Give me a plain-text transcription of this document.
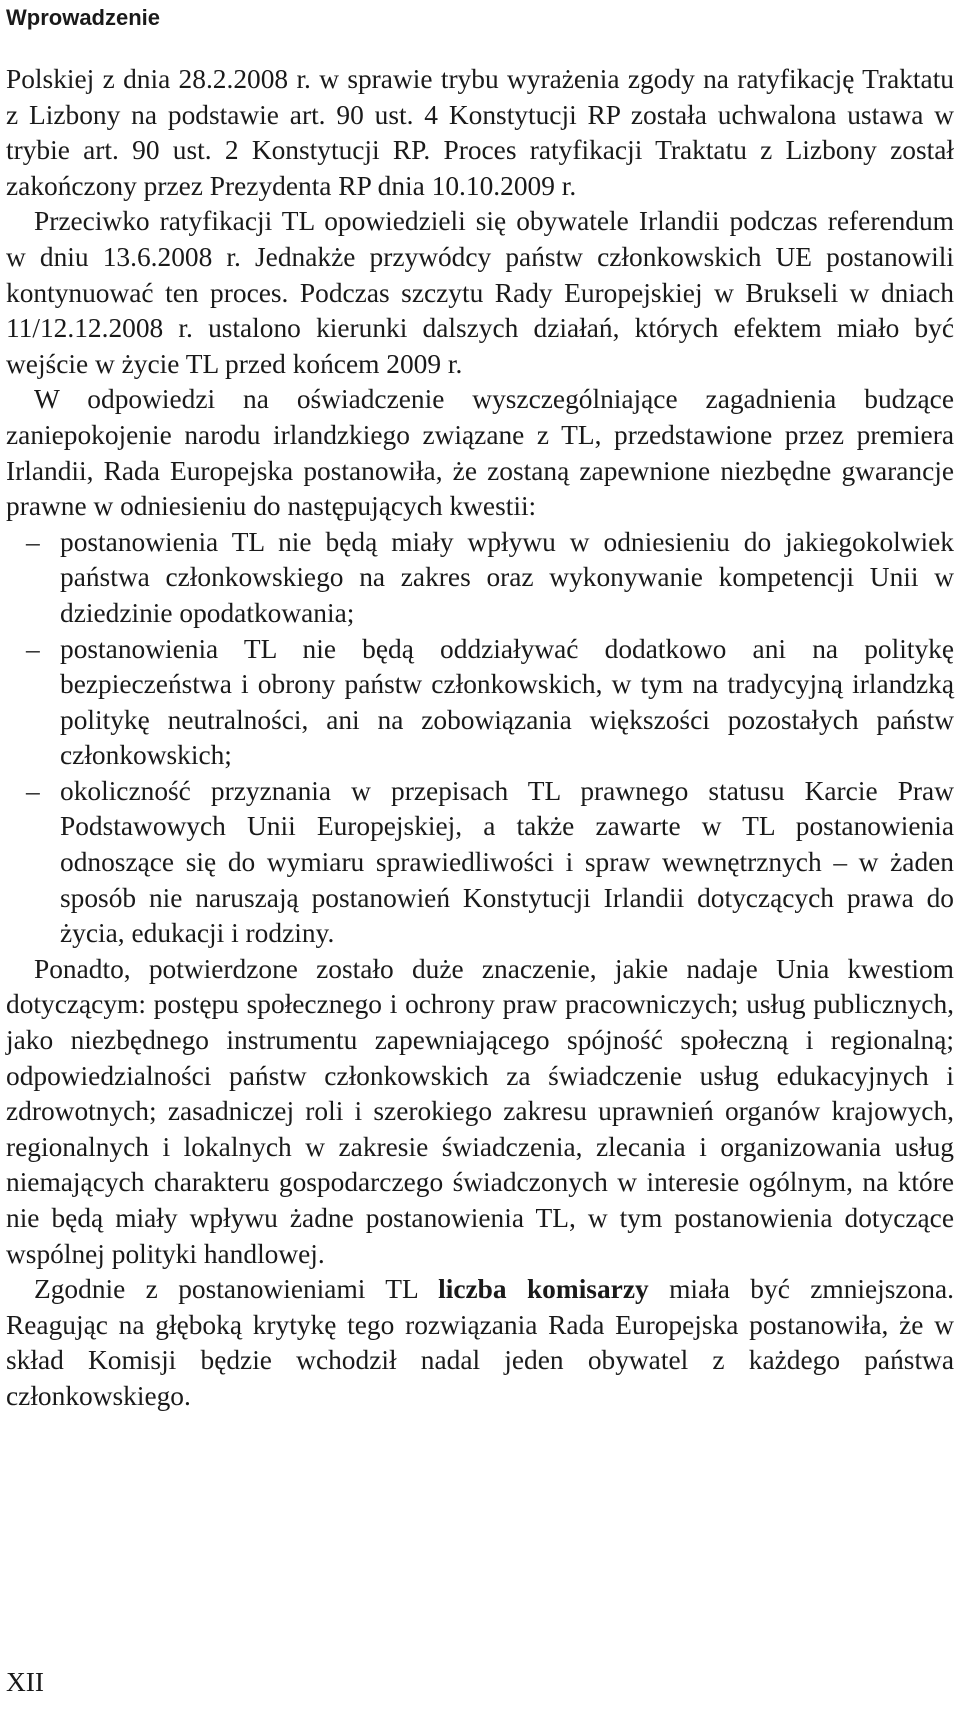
Wprowadzenie

Polskiej z dnia 28.2.2008 r. w sprawie trybu wyrażenia zgody na ratyfikację Traktatu z Lizbony na podstawie art. 90 ust. 4 Konstytucji RP została uchwalona ustawa w trybie art. 90 ust. 2 Konstytucji RP. Proces ratyfikacji Traktatu z Lizbony został zakończony przez Prezydenta RP dnia 10.10.2009 r.

Przeciwko ratyfikacji TL opowiedzieli się obywatele Irlandii podczas referendum w dniu 13.6.2008 r. Jednakże przywódcy państw członkowskich UE postanowili kontynuować ten proces. Podczas szczytu Rady Europejskiej w Brukseli w dniach 11/12.12.2008 r. ustalono kierunki dalszych działań, których efektem miało być wejście w życie TL przed końcem 2009 r.

W odpowiedzi na oświadczenie wyszczególniające zagadnienia budzące zaniepokojenie narodu irlandzkiego związane z TL, przedstawione przez premiera Irlandii, Rada Europejska postanowiła, że zostaną zapewnione niezbędne gwarancje prawne w odniesieniu do następujących kwestii:

– postanowienia TL nie będą miały wpływu w odniesieniu do jakiegokolwiek państwa członkowskiego na zakres oraz wykonywanie kompetencji Unii w dziedzinie opodatkowania;
– postanowienia TL nie będą oddziaływać dodatkowo ani na politykę bezpieczeństwa i obrony państw członkowskich, w tym na tradycyjną irlandzką politykę neutralności, ani na zobowiązania większości pozostałych państw członkowskich;
– okoliczność przyznania w przepisach TL prawnego statusu Karcie Praw Podstawowych Unii Europejskiej, a także zawarte w TL postanowienia odnoszące się do wymiaru sprawiedliwości i spraw wewnętrznych – w żaden sposób nie naruszają postanowień Konstytucji Irlandii dotyczących prawa do życia, edukacji i rodziny.

Ponadto, potwierdzone zostało duże znaczenie, jakie nadaje Unia kwestiom dotyczącym: postępu społecznego i ochrony praw pracowniczych; usług publicznych, jako niezbędnego instrumentu zapewniającego spójność społeczną i regionalną; odpowiedzialności państw członkowskich za świadczenie usług edukacyjnych i zdrowotnych; zasadniczej roli i szerokiego zakresu uprawnień organów krajowych, regionalnych i lokalnych w zakresie świadczenia, zlecania i organizowania usług niemających charakteru gospodarczego świadczonych w interesie ogólnym, na które nie będą miały wpływu żadne postanowienia TL, w tym postanowienia dotyczące wspólnej polityki handlowej.

Zgodnie z postanowieniami TL liczba komisarzy miała być zmniejszona. Reagując na głęboką krytykę tego rozwiązania Rada Europejska postanowiła, że w skład Komisji będzie wchodził nadal jeden obywatel z każdego państwa członkowskiego.

XII
